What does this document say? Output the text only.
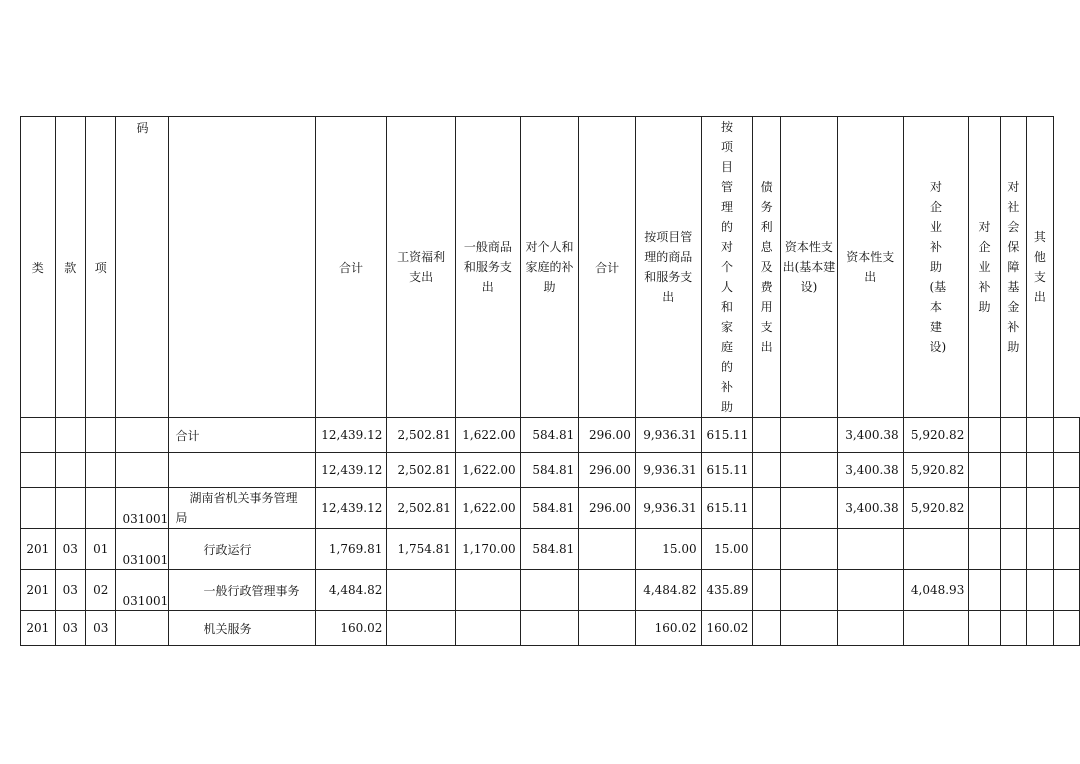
类	款	项	码		合计	工资福利支出	一般商品和服务支出	对个人和家庭的补助	合计	按项目管理的商品和服务支出	按项目管理的对个人和家庭的补助	债务利息及费用支出	资本性支出(基本建设)	资本性支出	对企业补助(基本建设)	对企业补助	对社会保障基金补助	其他支出	

				合计	12,439.12	2,502.81	1,622.00	584.81	296.00	9,936.31	615.11			3,400.38	5,920.82				
					12,439.12	2,502.81	1,622.00	584.81	296.00	9,936.31	615.11			3,400.38	5,920.82				
			031001	湖南省机关事务管理局	12,439.12	2,502.81	1,622.00	584.81	296.00	9,936.31	615.11			3,400.38	5,920.82				
201	03	01	031001	行政运行	1,769.81	1,754.81	1,170.00	584.81		15.00	15.00								
201	03	02	031001	一般行政管理事务	4,484.82					4,484.82	435.89				4,048.93				
201	03	03		机关服务	160.02					160.02	160.02								
